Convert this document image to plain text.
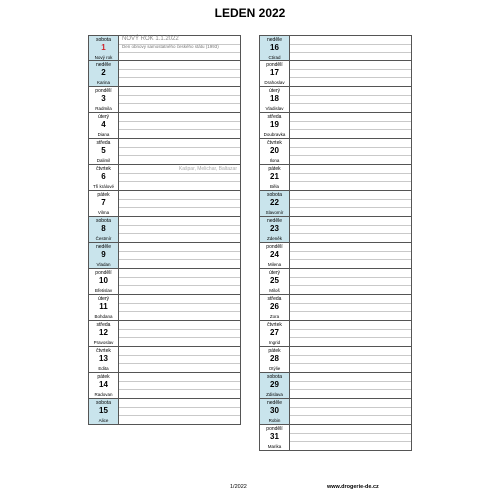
LEDEN 2022
sobota
1
Nový rok
NOVÝ ROK 1.1.2022
Den obnovy samostatného českého státu (1993)
neděle
2
Karina
pondělí
3
Radmila
úterý
4
Diana
středa
5
Dalimil
čtvrtek
6
Tři králové
Kašpar, Melichar, Baltazar
pátek
7
Vilma
sobota
8
Čestmír
neděle
9
Vladan
pondělí
10
Břetislav
úterý
11
Bohdana
středa
12
Pravoslav
čtvrtek
13
Edita
pátek
14
Radovan
sobota
15
Alice
neděle
16
Ctirad
pondělí
17
Drahoslav
úterý
18
Vladislav
středa
19
Doubravka
čtvrtek
20
Ilona
pátek
21
Běla
sobota
22
Slavomír
neděle
23
Zdeněk
pondělí
24
Milena
úterý
25
Miloš
středa
26
Zora
čtvrtek
27
Ingrid
pátek
28
Otýlie
sobota
29
Zdislava
neděle
30
Robin
pondělí
31
Marika
1/2022	www.drogerie-de.cz
